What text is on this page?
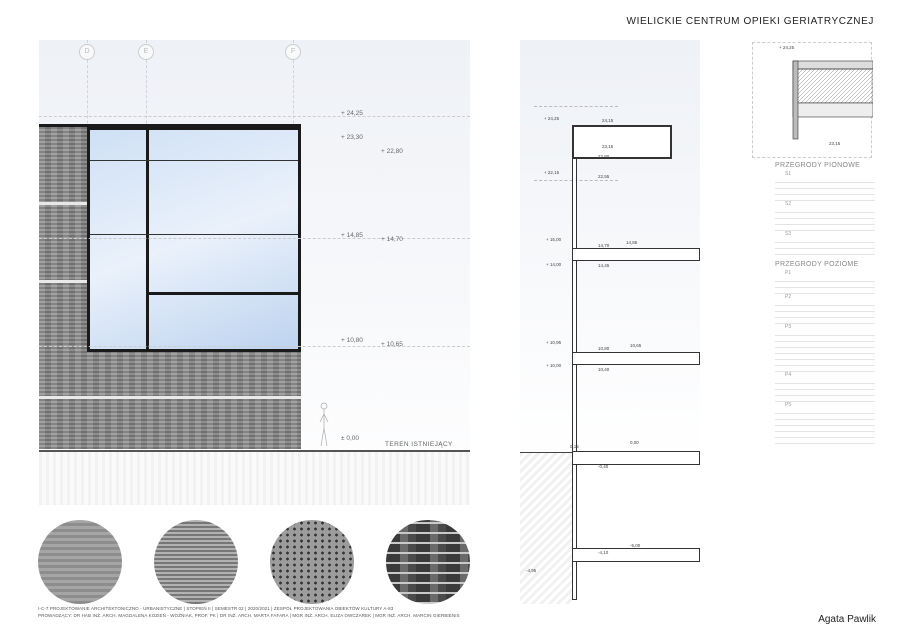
WIELICKIE CENTRUM OPIEKI GERIATRYCZNEJ
D	E	F
+ 24,25
+ 23,30
+ 22,80
+ 14,85
+ 14,70
+ 10,80
+ 10,65
± 0,00
TEREN ISTNIEJĄCY
+ 24,25	24,15
23,15
22,80
22,55
+ 22,15
+ 15,00
14,85
14,70
+ 14,00	14,45
10,80
+ 10,95
10,65
+ 10,00
10,40
0,15
0,00
-0,40
-4,10
-4,95
-5,00
+ 24,25
23,15
PRZEGRODY PIONOWE
S1
S2
S3
PRZEGRODY POZIOME
P1
P2
P3
P4
P5
I-C-7 PROJEKTOWANIE ARCHITEKTONICZNO - URBANISTYCZNE | STOPIEŃ II | SEMESTR 02 | 2020/2021 | ZESPÓŁ PROJEKTOWANIA OBIEKTÓW KULTURY A-83
PROWADZĄCY: DR HAB INŻ. ARCH. MAGDALENA KOZIEŃ - WOŹNIAK, PROF. PK | DR INŻ. ARCH. MARTA FAFARA | MGR INŻ. ARCH. ELIZA OWCZAREK | MGR INŻ. ARCH. MARCIN GIERBIENIS	Agata Pawlik
